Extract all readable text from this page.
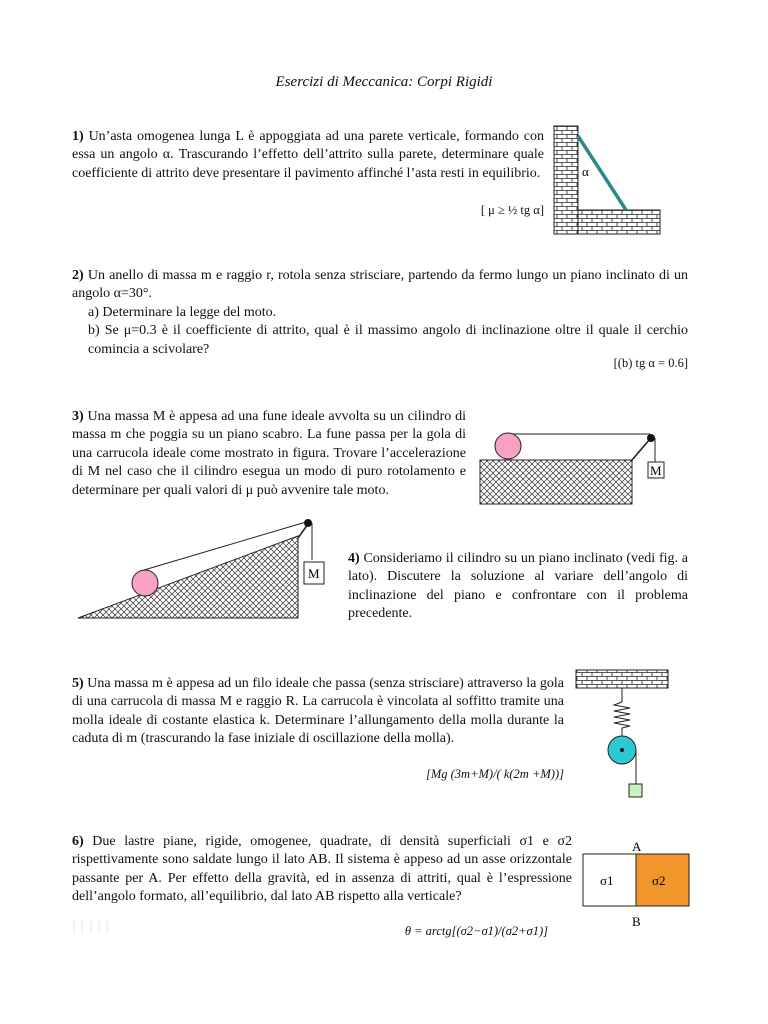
Esercizi di Meccanica: Corpi Rigidi

1) Un’asta omogenea lunga L è appoggiata ad una parete verticale, formando con essa un angolo α. Trascurando l’effetto dell’attrito sulla parete, determinare quale coefficiente di attrito deve presentare il pavimento affinché l’asta resti in equilibrio.

[ μ ≥ ½ tg α]
α

2) Un anello di massa m e raggio r, rotola senza strisciare, partendo da fermo lungo un piano inclinato di un angolo α=30°.
a) Determinare la legge del moto.
b) Se μ=0.3 è il coefficiente di attrito, qual è il massimo angolo di inclinazione oltre il quale il cerchio comincia a scivolare?

[(b) tg α = 0.6]

3) Una massa M è appesa ad una fune ideale avvolta su un cilindro di massa m che poggia su un piano scabro. La fune passa per la gola di una carrucola ideale come mostrato in figura. Trovare l’accelerazione di M nel caso che il cilindro esegua un modo di puro rotolamento e determinare per quali valori di μ può avvenire tale moto.

M
M

4) Consideriamo il cilindro su un piano inclinato (vedi fig. a lato). Discutere la soluzione al variare dell’angolo di inclinazione del piano e confrontare con il problema precedente.

5) Una massa m è appesa ad un filo ideale che passa (senza strisciare) attraverso la gola di una carrucola di massa M e raggio R. La carrucola è vincolata al soffitto tramite una molla ideale di costante elastica k. Determinare l’allungamento della molla durante la caduta di m (trascurando la fase iniziale di oscillazione della molla).

[Mg (3m+M)/( k(2m +M))]

6) Due lastre piane, rigide, omogenee, quadrate, di densità superficiali σ1 e σ2 rispettivamente sono saldate lungo il lato AB. Il sistema è appeso ad un asse orizzontale passante per A. Per effetto della gravità, ed in assenza di attriti, qual è l’espressione dell’angolo formato, all’equilibrio, dal lato AB rispetto alla verticale?

[ [ ] ] ]	θ = arctg[(σ2−σ1)/(σ2+σ1)]
A
σ1	σ2
B
